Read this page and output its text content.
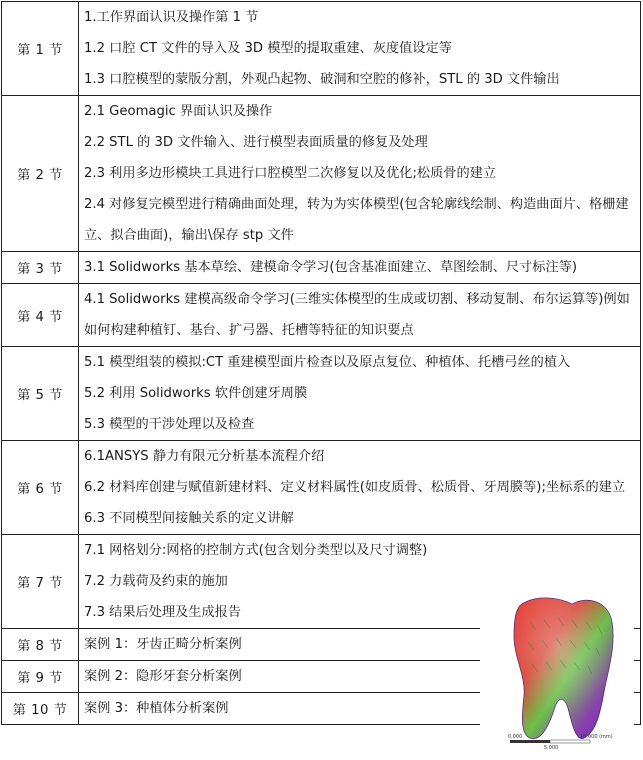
第 1 节	1.工作界面认识及操作第 1 节
1.2 口腔 CT 文件的导入及 3D 模型的提取重建、灰度值设定等
1.3 口腔模型的蒙版分割，外观凸起物、破洞和空腔的修补，STL 的 3D 文件输出

第 2 节	2.1 Geomagic 界面认识及操作
2.2 STL 的 3D 文件输入、进行模型表面质量的修复及处理
2.3 利用多边形模块工具进行口腔模型二次修复以及优化;松质骨的建立
2.4 对修复完模型进行精确曲面处理，转为为实体模型(包含轮廓线绘制、构造曲面片、格栅建立、拟合曲面)，输出\保存 stp 文件

第 3 节	3.1 Solidworks 基本草绘、建模命令学习(包含基准面建立、草图绘制、尺寸标注等)

第 4 节	4.1 Solidworks 建模高级命令学习(三维实体模型的生成或切割、移动复制、布尔运算等)例如如何构建种植钉、基台、扩弓器、托槽等特征的知识要点

第 5 节	5.1 模型组装的模拟:CT 重建模型面片检查以及原点复位、种植体、托槽弓丝的植入
5.2 利用 Solidworks 软件创建牙周膜
5.3 模型的干涉处理以及检查

第 6 节	6.1ANSYS 静力有限元分析基本流程介绍
6.2 材料库创建与赋值新建材料、定义材料属性(如皮质骨、松质骨、牙周膜等);坐标系的建立
6.3 不同模型间接触关系的定义讲解

第 7 节	7.1 网格划分:网格的控制方式(包含划分类型以及尺寸调整)
7.2 力载荷及约束的施加
7.3 结果后处理及生成报告

第 8 节	案例 1：牙齿正畸分析案例

第 9 节	案例 2：隐形牙套分析案例

第 10 节	案例 3：种植体分析案例
0.000	10.000 (mm)
5.000
